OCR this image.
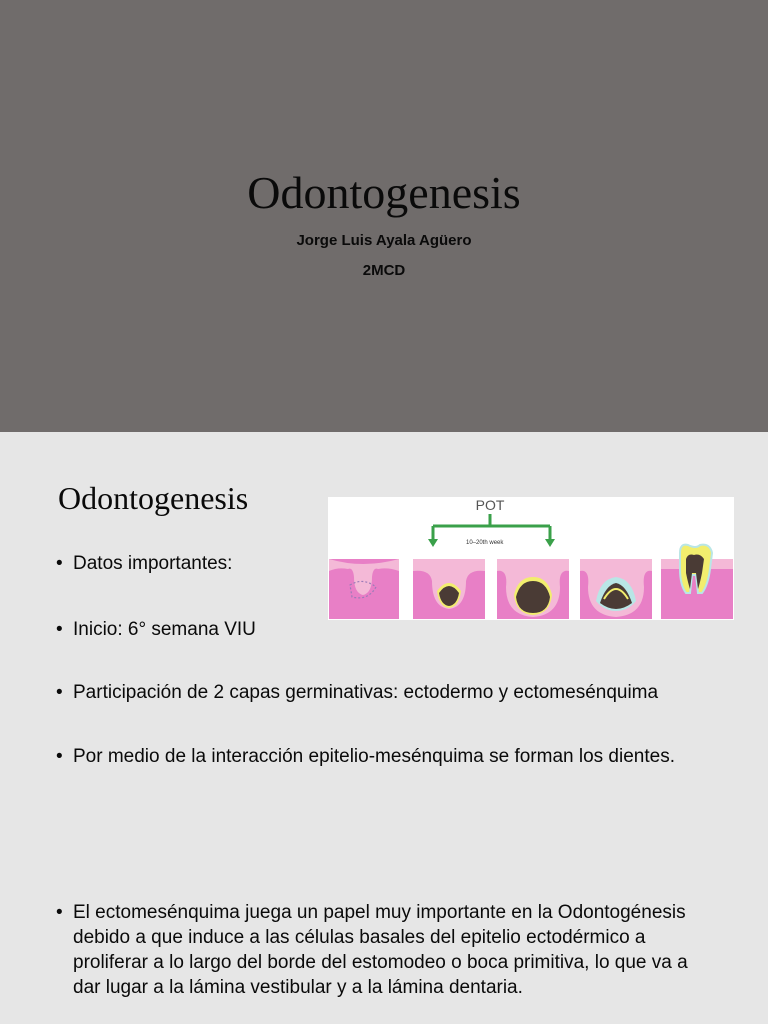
Odontogenesis
Jorge Luis Ayala Agüero
2MCD
Odontogenesis
• Datos importantes:
• Inicio: 6° semana VIU
• Participación de 2 capas germinativas: ectodermo y ectomesénquima
• Por medio de la interacción epitelio-mesénquima se forman los dientes.
• El ectomesénquima juega un papel muy importante en la Odontogénesis debido a que induce a las células basales del epitelio ectodérmico a proliferar a lo largo del borde del estomodeo o boca primitiva, lo que va a dar lugar a la lámina vestibular y a la lámina dentaria.
POT
10–20th week
